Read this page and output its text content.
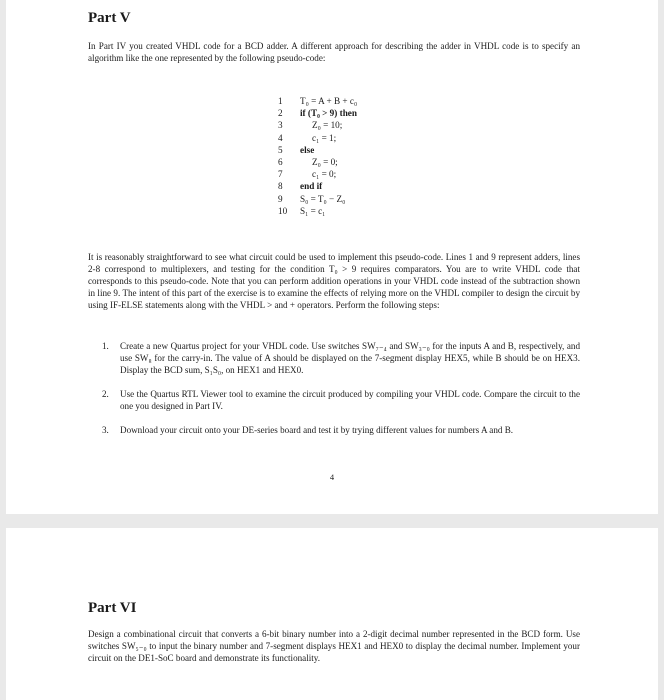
Part V

In Part IV you created VHDL code for a BCD adder. A different approach for describing the adder in VHDL code is to specify an algorithm like the one represented by the following pseudo-code:

1 T₀ = A + B + c₀
2 if (T₀ > 9) then
3	Z₀ = 10;
4	c₁ = 1;
5 else
6	Z₀ = 0;
7	c₁ = 0;
8 end if
9 S₀ = T₀ − Z₀
10 S₁ = c₁

It is reasonably straightforward to see what circuit could be used to implement this pseudo-code. Lines 1 and 9 represent adders, lines 2-8 correspond to multiplexers, and testing for the condition T₀ > 9 requires comparators. You are to write VHDL code that corresponds to this pseudo-code. Note that you can perform addition operations in your VHDL code instead of the subtraction shown in line 9. The intent of this part of the exercise is to examine the effects of relying more on the VHDL compiler to design the circuit by using IF-ELSE statements along with the VHDL > and + operators. Perform the following steps:

1. Create a new Quartus project for your VHDL code. Use switches SW₇₋₄ and SW₃₋₀ for the inputs A and B, respectively, and use SW₈ for the carry-in. The value of A should be displayed on the 7-segment display HEX5, while B should be on HEX3. Display the BCD sum, S₁S₀, on HEX1 and HEX0.
2. Use the Quartus RTL Viewer tool to examine the circuit produced by compiling your VHDL code. Compare the circuit to the one you designed in Part IV.
3. Download your circuit onto your DE-series board and test it by trying different values for numbers A and B.
4
Part VI

Design a combinational circuit that converts a 6-bit binary number into a 2-digit decimal number represented in the BCD form. Use switches SW₅₋₀ to input the binary number and 7-segment displays HEX1 and HEX0 to display the decimal number. Implement your circuit on the DE1-SoC board and demonstrate its functionality.
